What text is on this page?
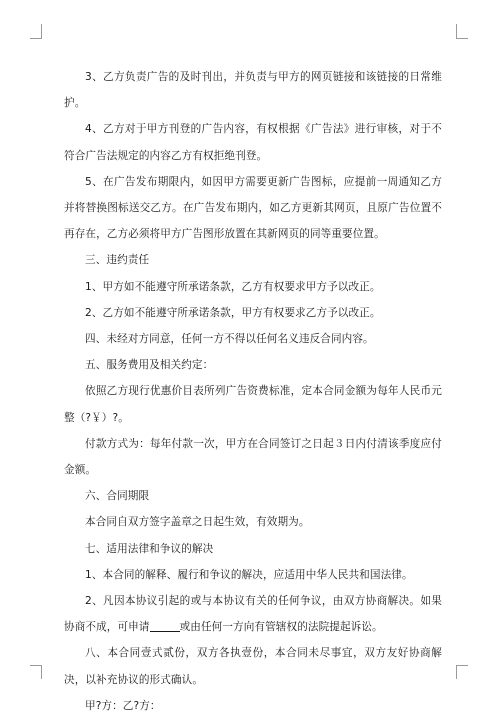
3、乙方负责广告的及时刊出，并负责与甲方的网页链接和该链接的日常维护。

4、乙方对于甲方刊登的广告内容，有权根据《广告法》进行审核，对于不符合广告法规定的内容乙方有权拒绝刊登。

5、在广告发布期限内，如因甲方需要更新广告图标，应提前一周通知乙方并将替换图标送交乙方。在广告发布期内，如乙方更新其网页，且原广告位置不再存在，乙方必须将甲方广告图形放置在其新网页的同等重要位置。

三、违约责任

1、甲方如不能遵守所承诺条款，乙方有权要求甲方予以改正。

2、乙方如不能遵守所承诺条款，甲方有权要求乙方予以改正。

四、未经对方同意，任何一方不得以任何名义违反合同内容。

五、服务费用及相关约定：

依照乙方现行优惠价目表所列广告资费标准，定本合同金额为每年人民币元整（?￥）?。

付款方式为：每年付款一次，甲方在合同签订之日起３日内付清该季度应付金额。

六、合同期限

本合同自双方签字盖章之日起生效，有效期为。

七、适用法律和争议的解决

1、本合同的解释、履行和争议的解决，应适用中华人民共和国法律。

2、凡因本协议引起的或与本协议有关的任何争议，由双方协商解决。如果协商不成，可申请	或由任何一方向有管辖权的法院提起诉讼。

八、本合同壹式贰份，双方各执壹份，本合同未尽事宜，双方友好协商解决，以补充协议的形式确认。

甲?方：乙?方：
